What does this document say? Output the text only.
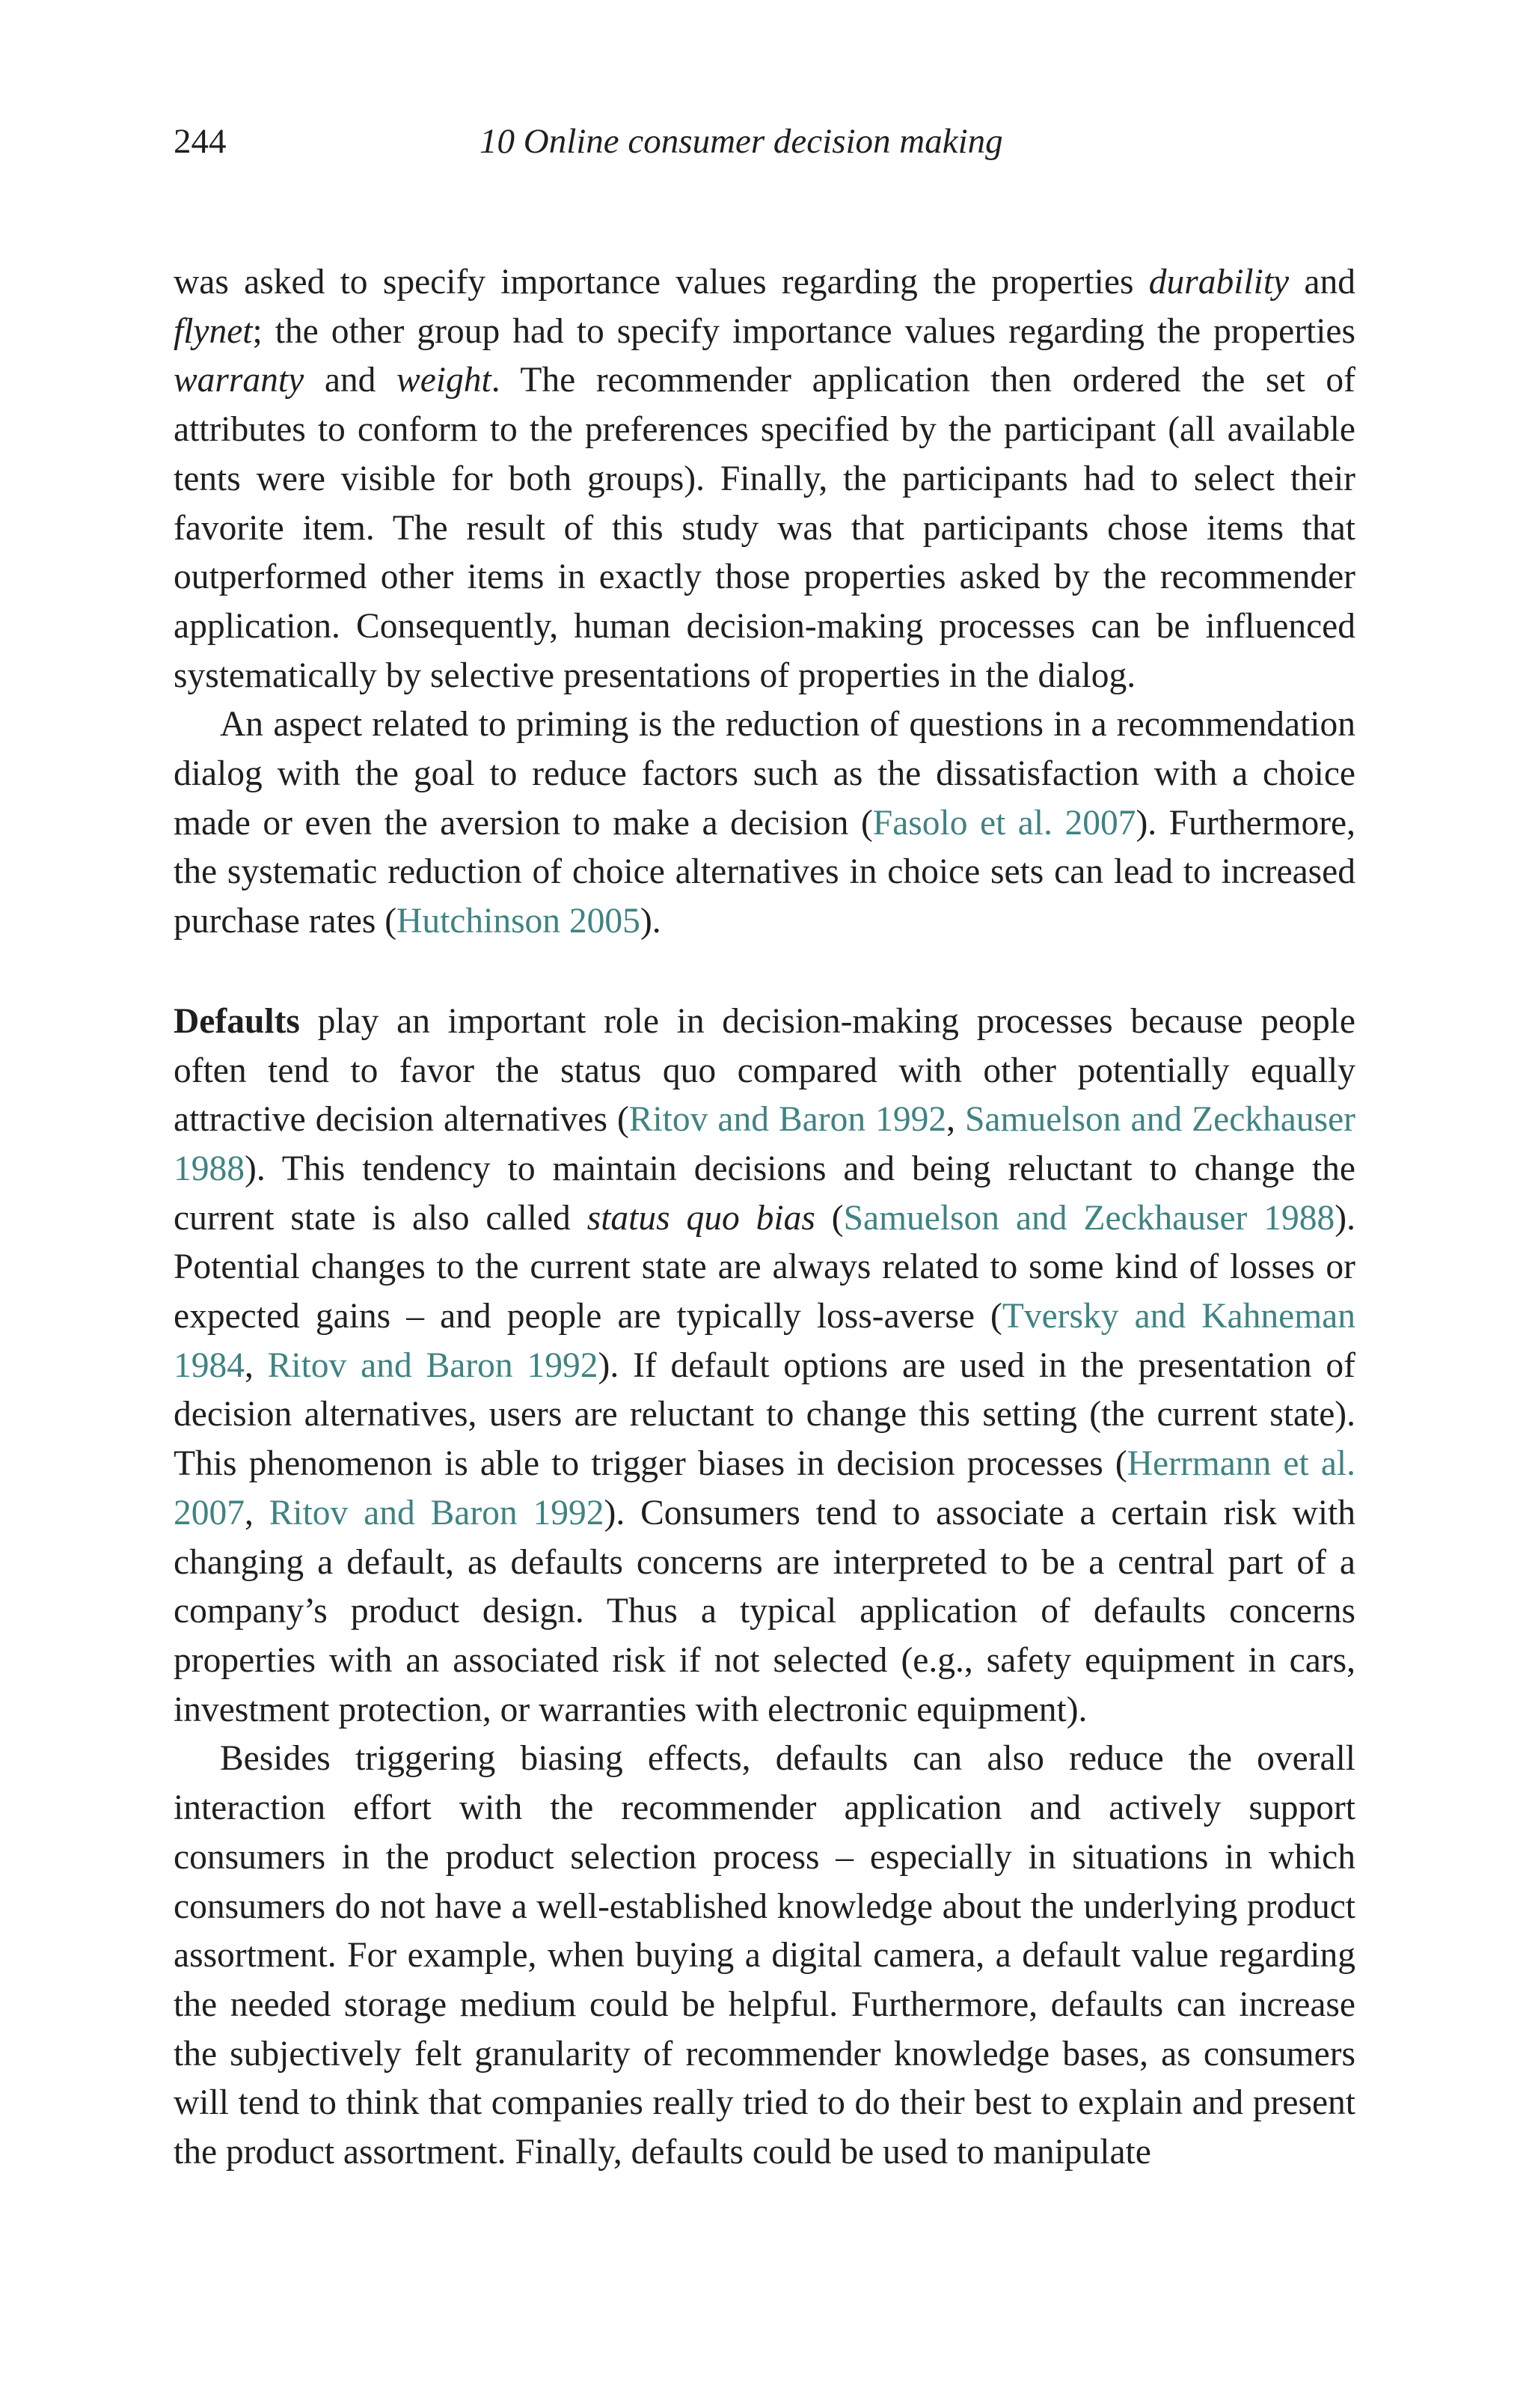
244	10 Online consumer decision making

was asked to specify importance values regarding the properties durability and flynet; the other group had to specify importance values regarding the properties warranty and weight. The recommender application then ordered the set of attributes to conform to the preferences specified by the participant (all available tents were visible for both groups). Finally, the participants had to select their favorite item. The result of this study was that participants chose items that outperformed other items in exactly those properties asked by the recommender application. Consequently, human decision-making processes can be influenced systematically by selective presentations of properties in the dialog.

An aspect related to priming is the reduction of questions in a recommendation dialog with the goal to reduce factors such as the dissatisfaction with a choice made or even the aversion to make a decision (Fasolo et al. 2007). Furthermore, the systematic reduction of choice alternatives in choice sets can lead to increased purchase rates (Hutchinson 2005).

Defaults play an important role in decision-making processes because people often tend to favor the status quo compared with other potentially equally attractive decision alternatives (Ritov and Baron 1992, Samuelson and Zeckhauser 1988). This tendency to maintain decisions and being reluctant to change the current state is also called status quo bias (Samuelson and Zeckhauser 1988). Potential changes to the current state are always related to some kind of losses or expected gains – and people are typically loss-averse (Tversky and Kahneman 1984, Ritov and Baron 1992). If default options are used in the presentation of decision alternatives, users are reluctant to change this setting (the current state). This phenomenon is able to trigger biases in decision processes (Herrmann et al. 2007, Ritov and Baron 1992). Consumers tend to associate a certain risk with changing a default, as defaults concerns are interpreted to be a central part of a company’s product design. Thus a typical application of defaults concerns properties with an associated risk if not selected (e.g., safety equipment in cars, investment protection, or warranties with electronic equipment).

Besides triggering biasing effects, defaults can also reduce the overall interaction effort with the recommender application and actively support consumers in the product selection process – especially in situations in which consumers do not have a well-established knowledge about the underlying product assortment. For example, when buying a digital camera, a default value regarding the needed storage medium could be helpful. Furthermore, defaults can increase the subjectively felt granularity of recommender knowledge bases, as consumers will tend to think that companies really tried to do their best to explain and present the product assortment. Finally, defaults could be used to manipulate
